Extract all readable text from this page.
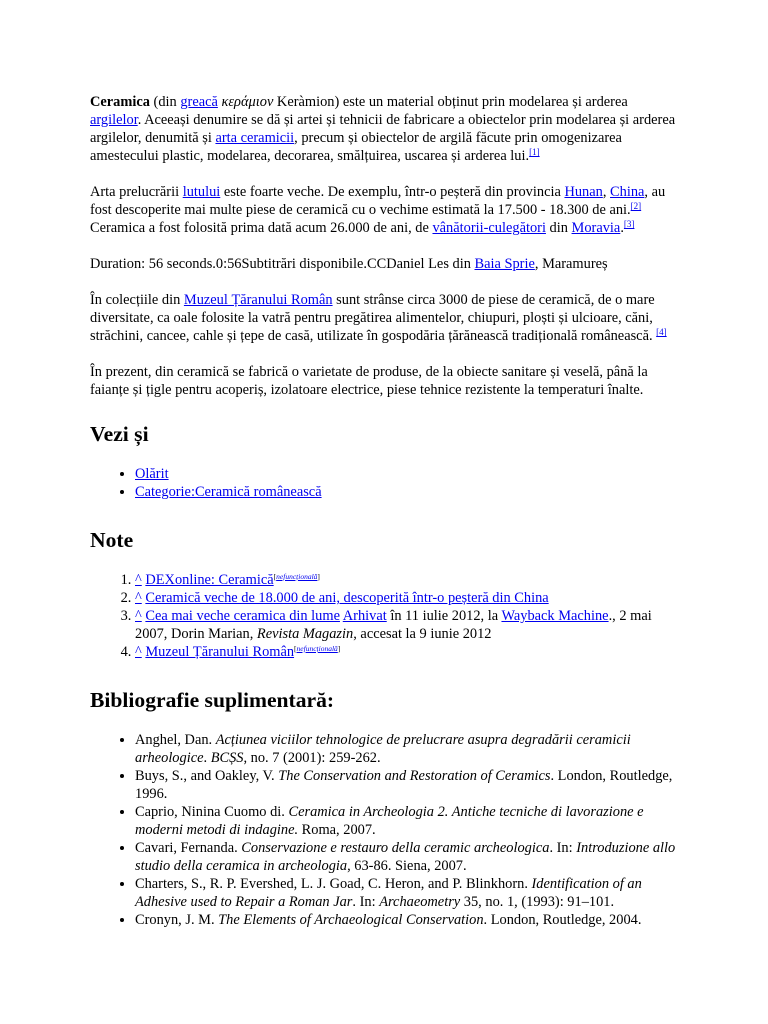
Ceramica (din greacă κεράμιον Keràmion) este un material obținut prin modelarea și arderea argilelor. Aceeași denumire se dă și artei și tehnicii de fabricare a obiectelor prin modelarea și arderea argilelor, denumită și arta ceramicii, precum și obiectelor de argilă făcute prin omogenizarea amestecului plastic, modelarea, decorarea, smălțuirea, uscarea și arderea lui.[1]

Arta prelucrării lutului este foarte veche. De exemplu, într-o peșteră din provincia Hunan, China, au fost descoperite mai multe piese de ceramică cu o vechime estimată la 17.500 - 18.300 de ani.[2] Ceramica a fost folosită prima dată acum 26.000 de ani, de vânătorii-culegători din Moravia.[3]

Duration: 56 seconds.0:56Subtitrări disponibile.CCDaniel Les din Baia Sprie, Maramureș

În colecțiile din Muzeul Țăranului Român sunt strânse circa 3000 de piese de ceramică, de o mare diversitate, ca oale folosite la vatră pentru pregătirea alimentelor, chiupuri, ploști și ulcioare, căni, străchini, cancee, cahle și țepe de casă, utilizate în gospodăria țărănească tradițională românească. [4]

În prezent, din ceramică se fabrică o varietate de produse, de la obiecte sanitare și veselă, până la faianțe și țigle pentru acoperiș, izolatoare electrice, piese tehnice rezistente la temperaturi înalte.

Vezi și
• Olărit
• Categorie:Ceramică românească
Note
1. ^ DEXonline: Ceramică[nefuncțională]
2. ^ Ceramică veche de 18.000 de ani, descoperită într-o peșteră din China
3. ^ Cea mai veche ceramica din lume Arhivat în 11 iulie 2012, la Wayback Machine., 2 mai 2007, Dorin Marian, Revista Magazin, accesat la 9 iunie 2012
4. ^ Muzeul Țăranului Român[nefuncțională]
Bibliografie suplimentară:
• Anghel, Dan. Acțiunea viciilor tehnologice de prelucrare asupra degradării ceramicii arheologice. BCȘS, no. 7 (2001): 259-262.
• Buys, S., and Oakley, V. The Conservation and Restoration of Ceramics. London, Routledge, 1996.
• Caprio, Ninina Cuomo di. Ceramica in Archeologia 2. Antiche tecniche di lavorazione e moderni metodi di indagine. Roma, 2007.
• Cavari, Fernanda. Conservazione e restauro della ceramic archeologica. In: Introduzione allo studio della ceramica in archeologia, 63-86. Siena, 2007.
• Charters, S., R. P. Evershed, L. J. Goad, C. Heron, and P. Blinkhorn. Identification of an Adhesive used to Repair a Roman Jar. In: Archaeometry 35, no. 1, (1993): 91–101.
• Cronyn, J. M. The Elements of Archaeological Conservation. London, Routledge, 2004.
